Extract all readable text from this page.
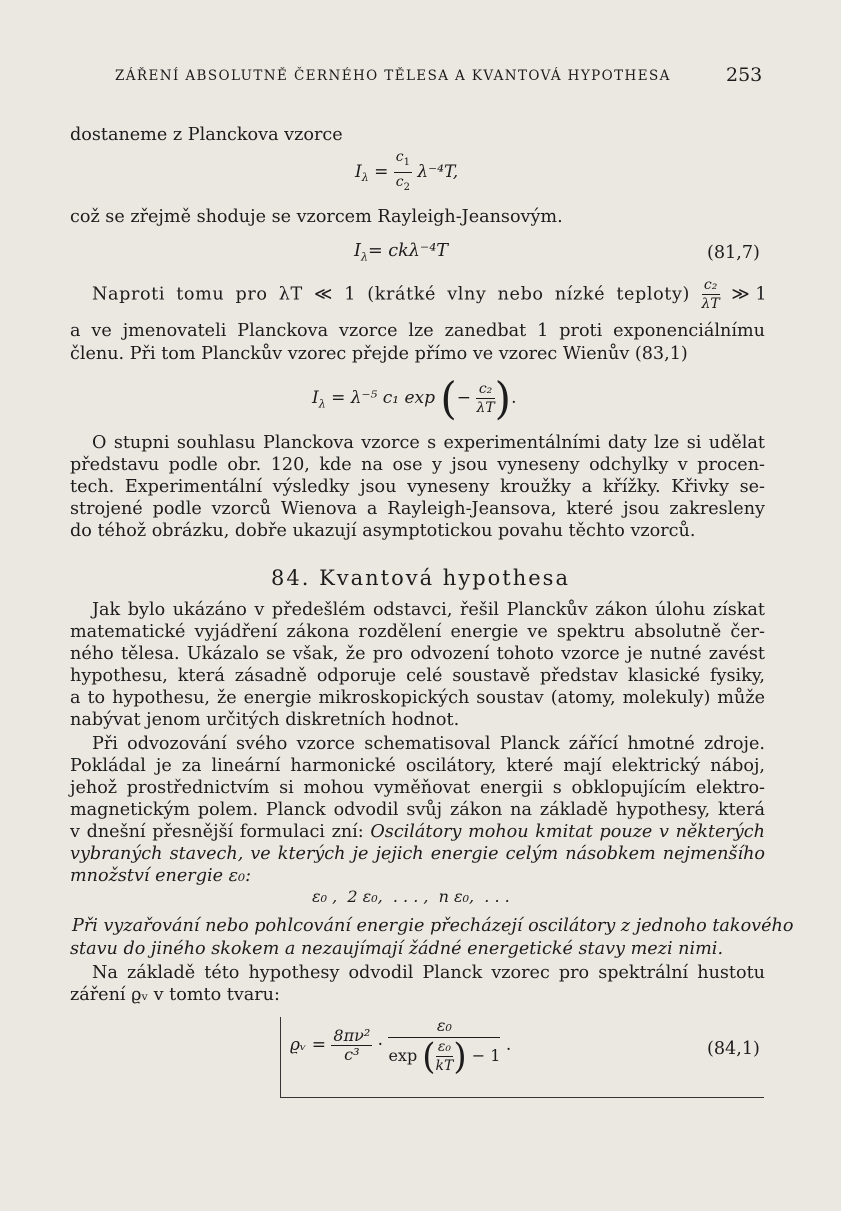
ZÁŘENÍ ABSOLUTNĚ ČERNÉHO TĚLESA A KVANTOVÁ HYPOTHESA	253
dostaneme z Planckova vzorce
$I_\lambda = \frac{c_1}{c_2} \lambda^{-4}T$,
což se zřejmě shoduje se vzorcem Rayleigh-Jeansovým.
$I_\lambda= ck\lambda^{-4}T$	(81,7)
Naproti tomu pro λT ≪ 1 (krátké vlny nebo nízké teploty) $\frac{\text{c₂}}{\lambda T}$ ≫ 1
a ve jmenovateli Planckova vzorce lze zanedbat 1 proti exponenciálnímu
členu. Při tom Planckův vzorec přejde přímo ve vzorec Wienův (83,1)
$I_\lambda = \lambda^{-5}$ c₁ exp (− $\frac{\text{c₂}}{\lambda T}$ ).
O stupni souhlasu Planckova vzorce s experimentálními daty lze si udělat
představu podle obr. 120, kde na ose y jsou vyneseny odchylky v procen-
tech. Experimentální výsledky jsou vyneseny kroužky a křížky. Křivky se-
strojené podle vzorců Wienova a Rayleigh-Jeansova, které jsou zakresleny
do téhož obrázku, dobře ukazují asymptotickou povahu těchto vzorců.
84. Kvantová hypothesa
Jak bylo ukázáno v předešlém odstavci, řešil Planckův zákon úlohu získat
matematické vyjádření zákona rozdělení energie ve spektru absolutně čer-
ného tělesa. Ukázalo se však, že pro odvození tohoto vzorce je nutné zavést
hypothesu, která zásadně odporuje celé soustavě představ klasické fysiky,
a to hypothesu, že energie mikroskopických soustav (atomy, molekuly) může
nabývat jenom určitých diskretních hodnot.
Při odvozování svého vzorce schematisoval Planck zářící hmotné zdroje.
Pokládal je za lineární harmonické oscilátory, které mají elektrický náboj,
jehož prostřednictvím si mohou vyměňovat energii s obklopujícím elektro-
magnetickým polem. Planck odvodil svůj zákon na základě hypothesy, která
v dnešní přesnější formulaci zní: Oscilátory mohou kmitat pouze v některých
vybraných stavech, ve kterých je jejich energie celým násobkem nejmenšího
množství energie ε₀:
ε₀ ,  2 ε₀,  . . . ,  n ε₀,  . . .
Při vyzařování nebo pohlcování energie přecházejí oscilátory z jednoho takového
stavu do jiného skokem a nezaujímají žádné energetické stavy mezi nimi.
Na základě této hypothesy odvodil Planck vzorec pro spektrální hustotu
záření ϱᵥ v tomto tvaru:
ϱᵥ = $\frac{\text{8πν²}}{\text{c³}} \cdot \frac{\text{ε₀}}{\exp ( \frac{\text{ε₀}}{kT} ) - 1}$ .	(84,1)
